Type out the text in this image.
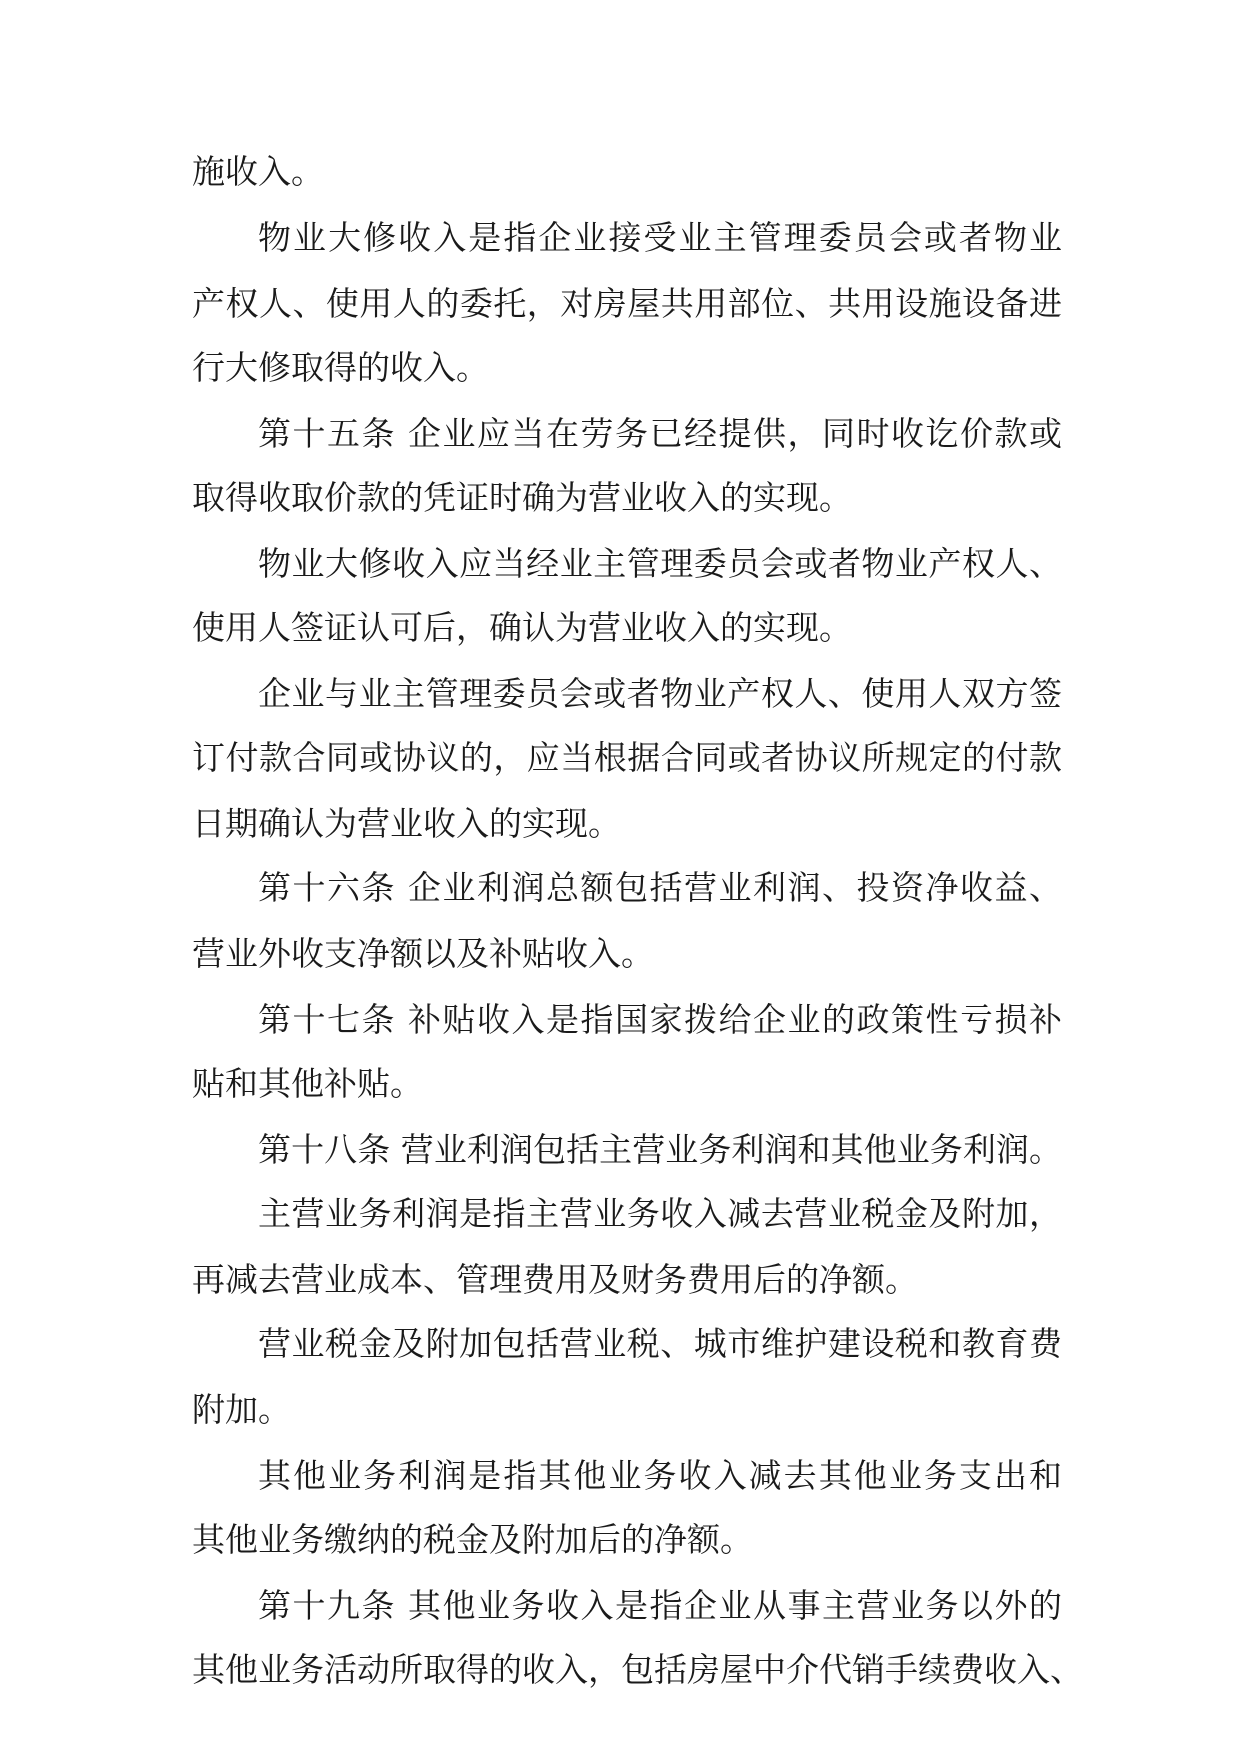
施收入。
物业大修收入是指企业接受业主管理委员会或者物业
产权人、使用人的委托，对房屋共用部位、共用设施设备进
行大修取得的收入。
第十五条 企业应当在劳务已经提供，同时收讫价款或
取得收取价款的凭证时确为营业收入的实现。
物业大修收入应当经业主管理委员会或者物业产权人、
使用人签证认可后，确认为营业收入的实现。
企业与业主管理委员会或者物业产权人、使用人双方签
订付款合同或协议的，应当根据合同或者协议所规定的付款
日期确认为营业收入的实现。
第十六条 企业利润总额包括营业利润、投资净收益、
营业外收支净额以及补贴收入。
第十七条 补贴收入是指国家拨给企业的政策性亏损补
贴和其他补贴。
第十八条 营业利润包括主营业务利润和其他业务利润。
主营业务利润是指主营业务收入减去营业税金及附加，
再减去营业成本、管理费用及财务费用后的净额。
营业税金及附加包括营业税、城市维护建设税和教育费
附加。
其他业务利润是指其他业务收入减去其他业务支出和
其他业务缴纳的税金及附加后的净额。
第十九条 其他业务收入是指企业从事主营业务以外的
其他业务活动所取得的收入，包括房屋中介代销手续费收入、
